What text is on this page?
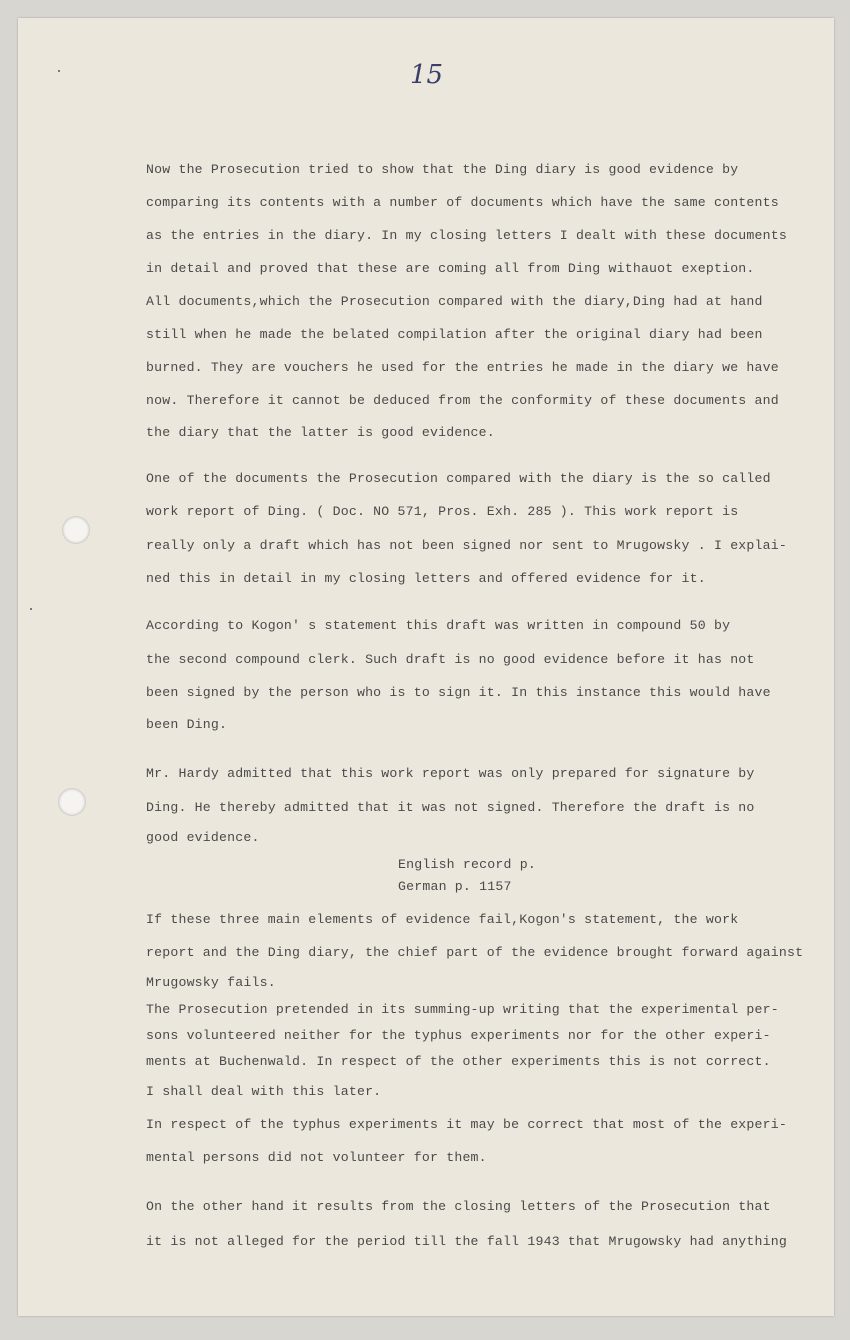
15
Now the Prosecution tried to show that the Ding diary is good evidence by
comparing its contents with a number of documents which have the same contents
as the entries in the diary. In my closing letters I dealt with these documents
in detail and proved that these are coming all from Ding withauot exeption.
All documents,which the Prosecution compared with the diary,Ding had at hand
still when he made the belated compilation after the original diary had been
burned. They are vouchers he used for the entries he made in the diary we have
now. Therefore it cannot be deduced from the conformity of these documents and
the diary that the latter is good evidence.
One of the documents the Prosecution compared with the diary is the so called
work report of Ding. ( Doc. NO 571, Pros. Exh. 285 ). This work report is
really only a draft which has not been signed nor sent to Mrugowsky . I explai-
ned this in detail in my closing letters and offered evidence for it.
According to Kogon' s statement this draft was written in compound 50 by
the second compound clerk. Such draft is no good evidence before it has not
been signed by the person who is to sign it. In this instance this would have
been Ding.
Mr. Hardy admitted that this work report was only prepared for signature by
Ding. He thereby admitted that it was not signed. Therefore the draft is no
good evidence.
English record p.
German p. 1157
If these three main elements of evidence fail,Kogon's statement, the work
report and the Ding diary, the chief part of the evidence brought forward against
Mrugowsky fails.
The Prosecution pretended in its summing-up writing that the experimental per-
sons volunteered neither for the typhus experiments nor for the other experi-
ments at Buchenwald. In respect of the other experiments this is not correct.
I shall deal with this later.
In respect of the typhus experiments it may be correct that most of the experi-
mental persons did not volunteer for them.
On the other hand it results from the closing letters of the Prosecution that
it is not alleged for the period till the fall 1943 that Mrugowsky had anything
